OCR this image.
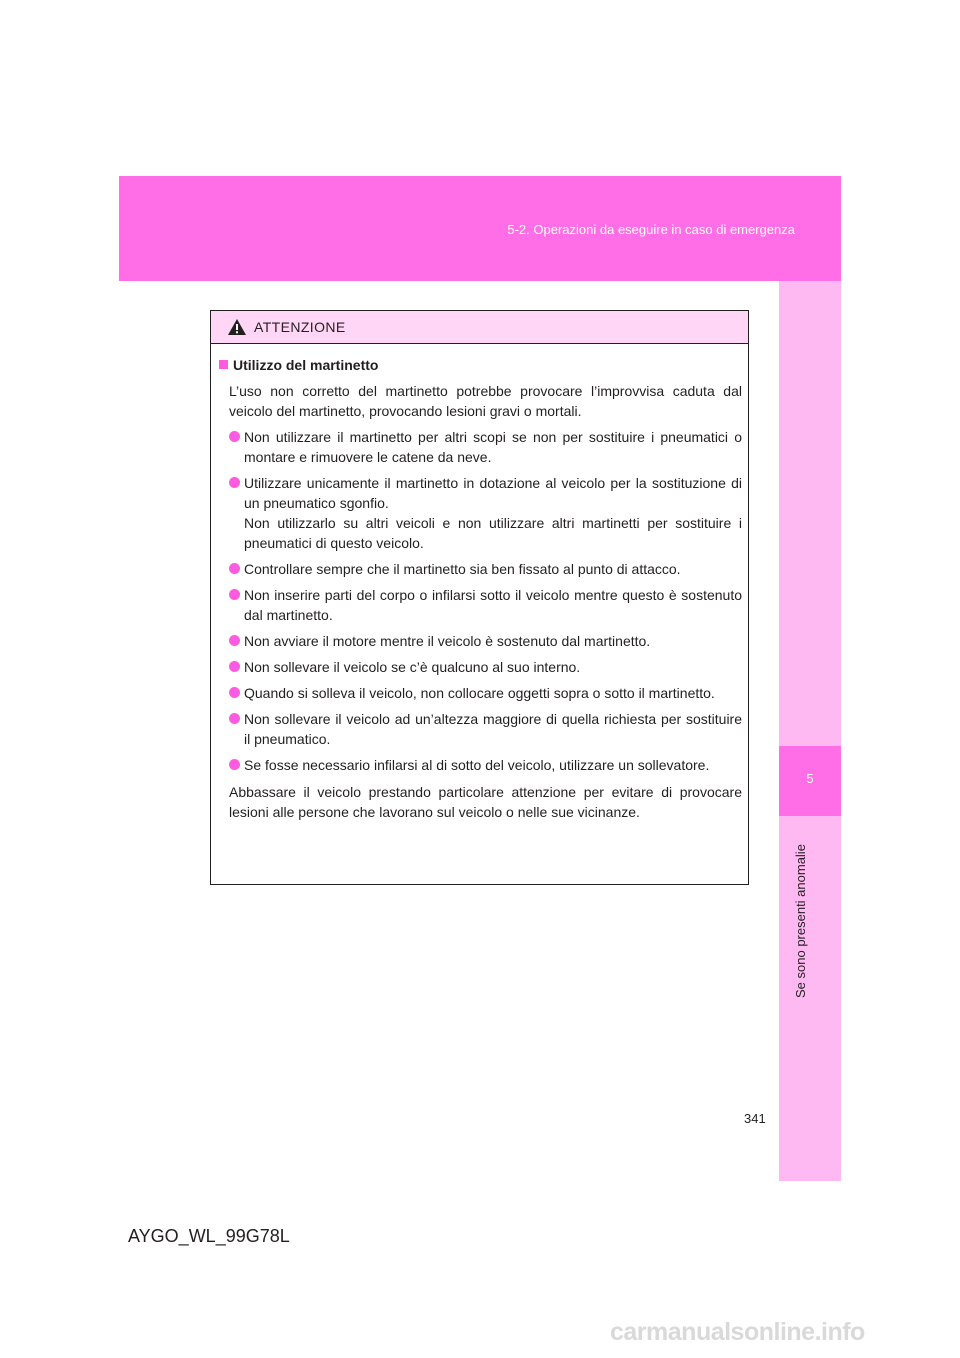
5-2. Operazioni da eseguire in caso di emergenza
5
Se sono presenti anomalie
ATTENZIONE
Utilizzo del martinetto
L’uso non corretto del martinetto potrebbe provocare l’improvvisa caduta dal veicolo del martinetto, provocando lesioni gravi o mortali.
Non utilizzare il martinetto per altri scopi se non per sostituire i pneumatici o montare e rimuovere le catene da neve.
Utilizzare unicamente il martinetto in dotazione al veicolo per la sostituzione di un pneumatico sgonfio.
Non utilizzarlo su altri veicoli e non utilizzare altri martinetti per sostituire i pneumatici di questo veicolo.
Controllare sempre che il martinetto sia ben fissato al punto di attacco.
Non inserire parti del corpo o infilarsi sotto il veicolo mentre questo è sostenuto dal martinetto.
Non avviare il motore mentre il veicolo è sostenuto dal martinetto.
Non sollevare il veicolo se c’è qualcuno al suo interno.
Quando si solleva il veicolo, non collocare oggetti sopra o sotto il martinetto.
Non sollevare il veicolo ad un’altezza maggiore di quella richiesta per sostituire il pneumatico.
Se fosse necessario infilarsi al di sotto del veicolo, utilizzare un sollevatore.
Abbassare il veicolo prestando particolare attenzione per evitare di provocare lesioni alle persone che lavorano sul veicolo o nelle sue vicinanze.
341
AYGO_WL_99G78L
carmanualsonline.info
